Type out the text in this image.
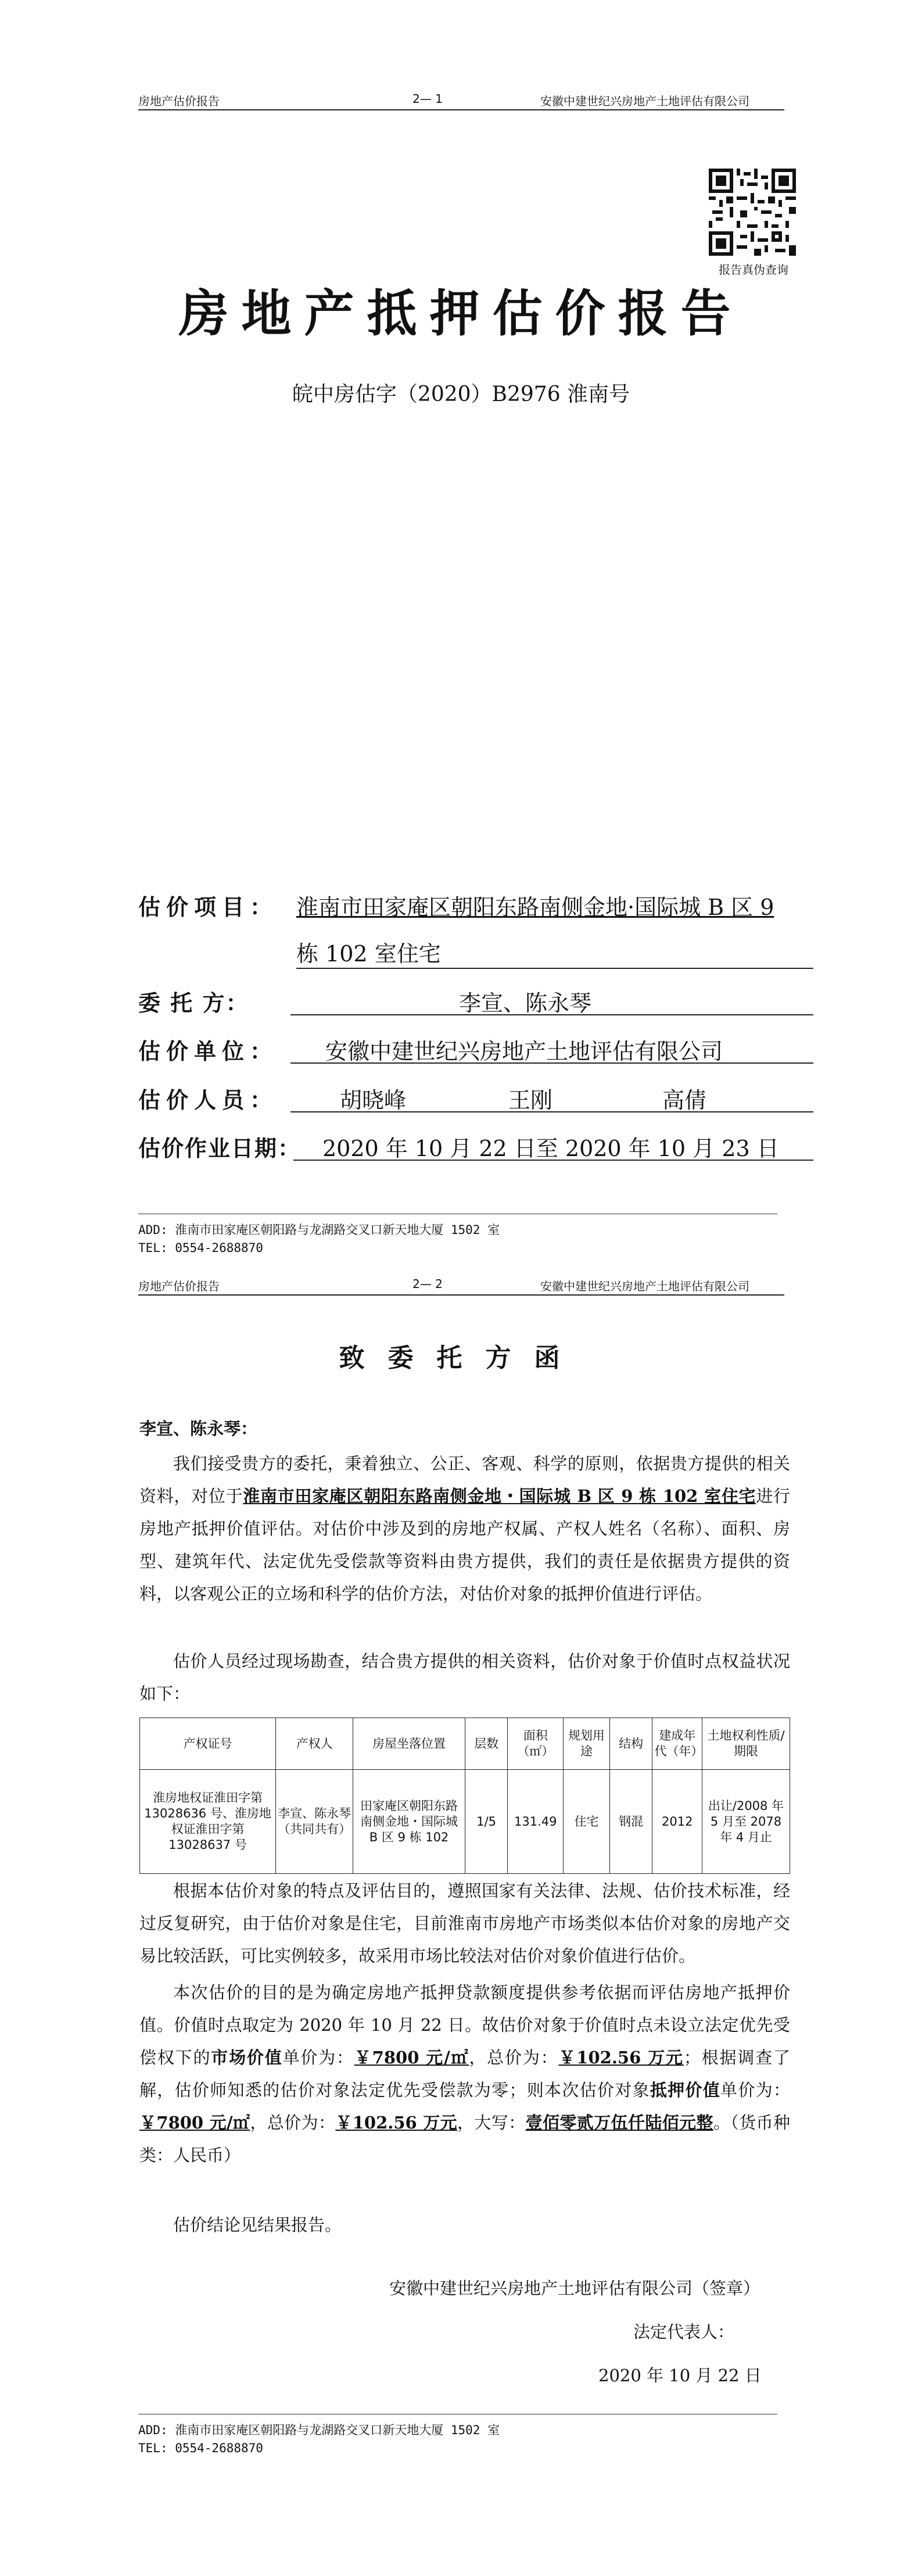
房地产估价报告	2— 1	安徽中建世纪兴房地产土地评估有限公司
报告真伪查询
房地产抵押估价报告
皖中房估字（2020）B2976 淮南号
估价项目： 淮南市田家庵区朝阳东路南侧金地·国际城 B 区 9
栋 102 室住宅
委 托 方：	李宣、陈永琴
估价单位： 安徽中建世纪兴房地产土地评估有限公司
估价人员：	胡晓峰	王刚	高倩
估价作业日期： 2020 年 10 月 22 日至 2020 年 10 月 23 日
ADD: 淮南市田家庵区朝阳路与龙湖路交叉口新天地大厦 1502 室
TEL: 0554-2688870
房地产估价报告	2— 2	安徽中建世纪兴房地产土地评估有限公司
致委托方函
李宣、陈永琴：
我们接受贵方的委托，秉着独立、公正、客观、科学的原则，依据贵方提供的相关资料，对位于淮南市田家庵区朝阳东路南侧金地・国际城 B 区 9 栋 102 室住宅进行房地产抵押价值评估。对估价中涉及到的房地产权属、产权人姓名（名称）、面积、房型、建筑年代、法定优先受偿款等资料由贵方提供，我们的责任是依据贵方提供的资料，以客观公正的立场和科学的估价方法，对估价对象的抵押价值进行评估。
估价人员经过现场勘查，结合贵方提供的相关资料，估价对象于价值时点权益状况如下：
产权证号	产权人	房屋坐落位置	层数	面积（㎡）	规划用途	结构	建成年代（年）	土地权利性质/期限
淮房地权证淮田字第 13028636 号、淮房地权证淮田字第 13028637 号	李宣、陈永琴（共同共有）	田家庵区朝阳东路南侧金地・国际城 B 区 9 栋 102	1/5	131.49	住宅	钢混	2012	出让/2008 年 5 月至 2078 年 4 月止
根据本估价对象的特点及评估目的，遵照国家有关法律、法规、估价技术标准，经过反复研究，由于估价对象是住宅，目前淮南市房地产市场类似本估价对象的房地产交易比较活跃，可比实例较多，故采用市场比较法对估价对象价值进行估价。
本次估价的目的是为确定房地产抵押贷款额度提供参考依据而评估房地产抵押价值。价值时点取定为 2020 年 10 月 22 日。故估价对象于价值时点未设立法定优先受偿权下的市场价值单价为：￥7800 元/㎡，总价为：￥102.56 万元；根据调查了解，估价师知悉的估价对象法定优先受偿款为零；则本次估价对象抵押价值单价为：￥7800 元/㎡，总价为：￥102.56 万元，大写：壹佰零贰万伍仟陆佰元整。（货币种类：人民币）
估价结论见结果报告。
安徽中建世纪兴房地产土地评估有限公司（签章）
法定代表人：
2020 年 10 月 22 日
ADD: 淮南市田家庵区朝阳路与龙湖路交叉口新天地大厦 1502 室
TEL: 0554-2688870
